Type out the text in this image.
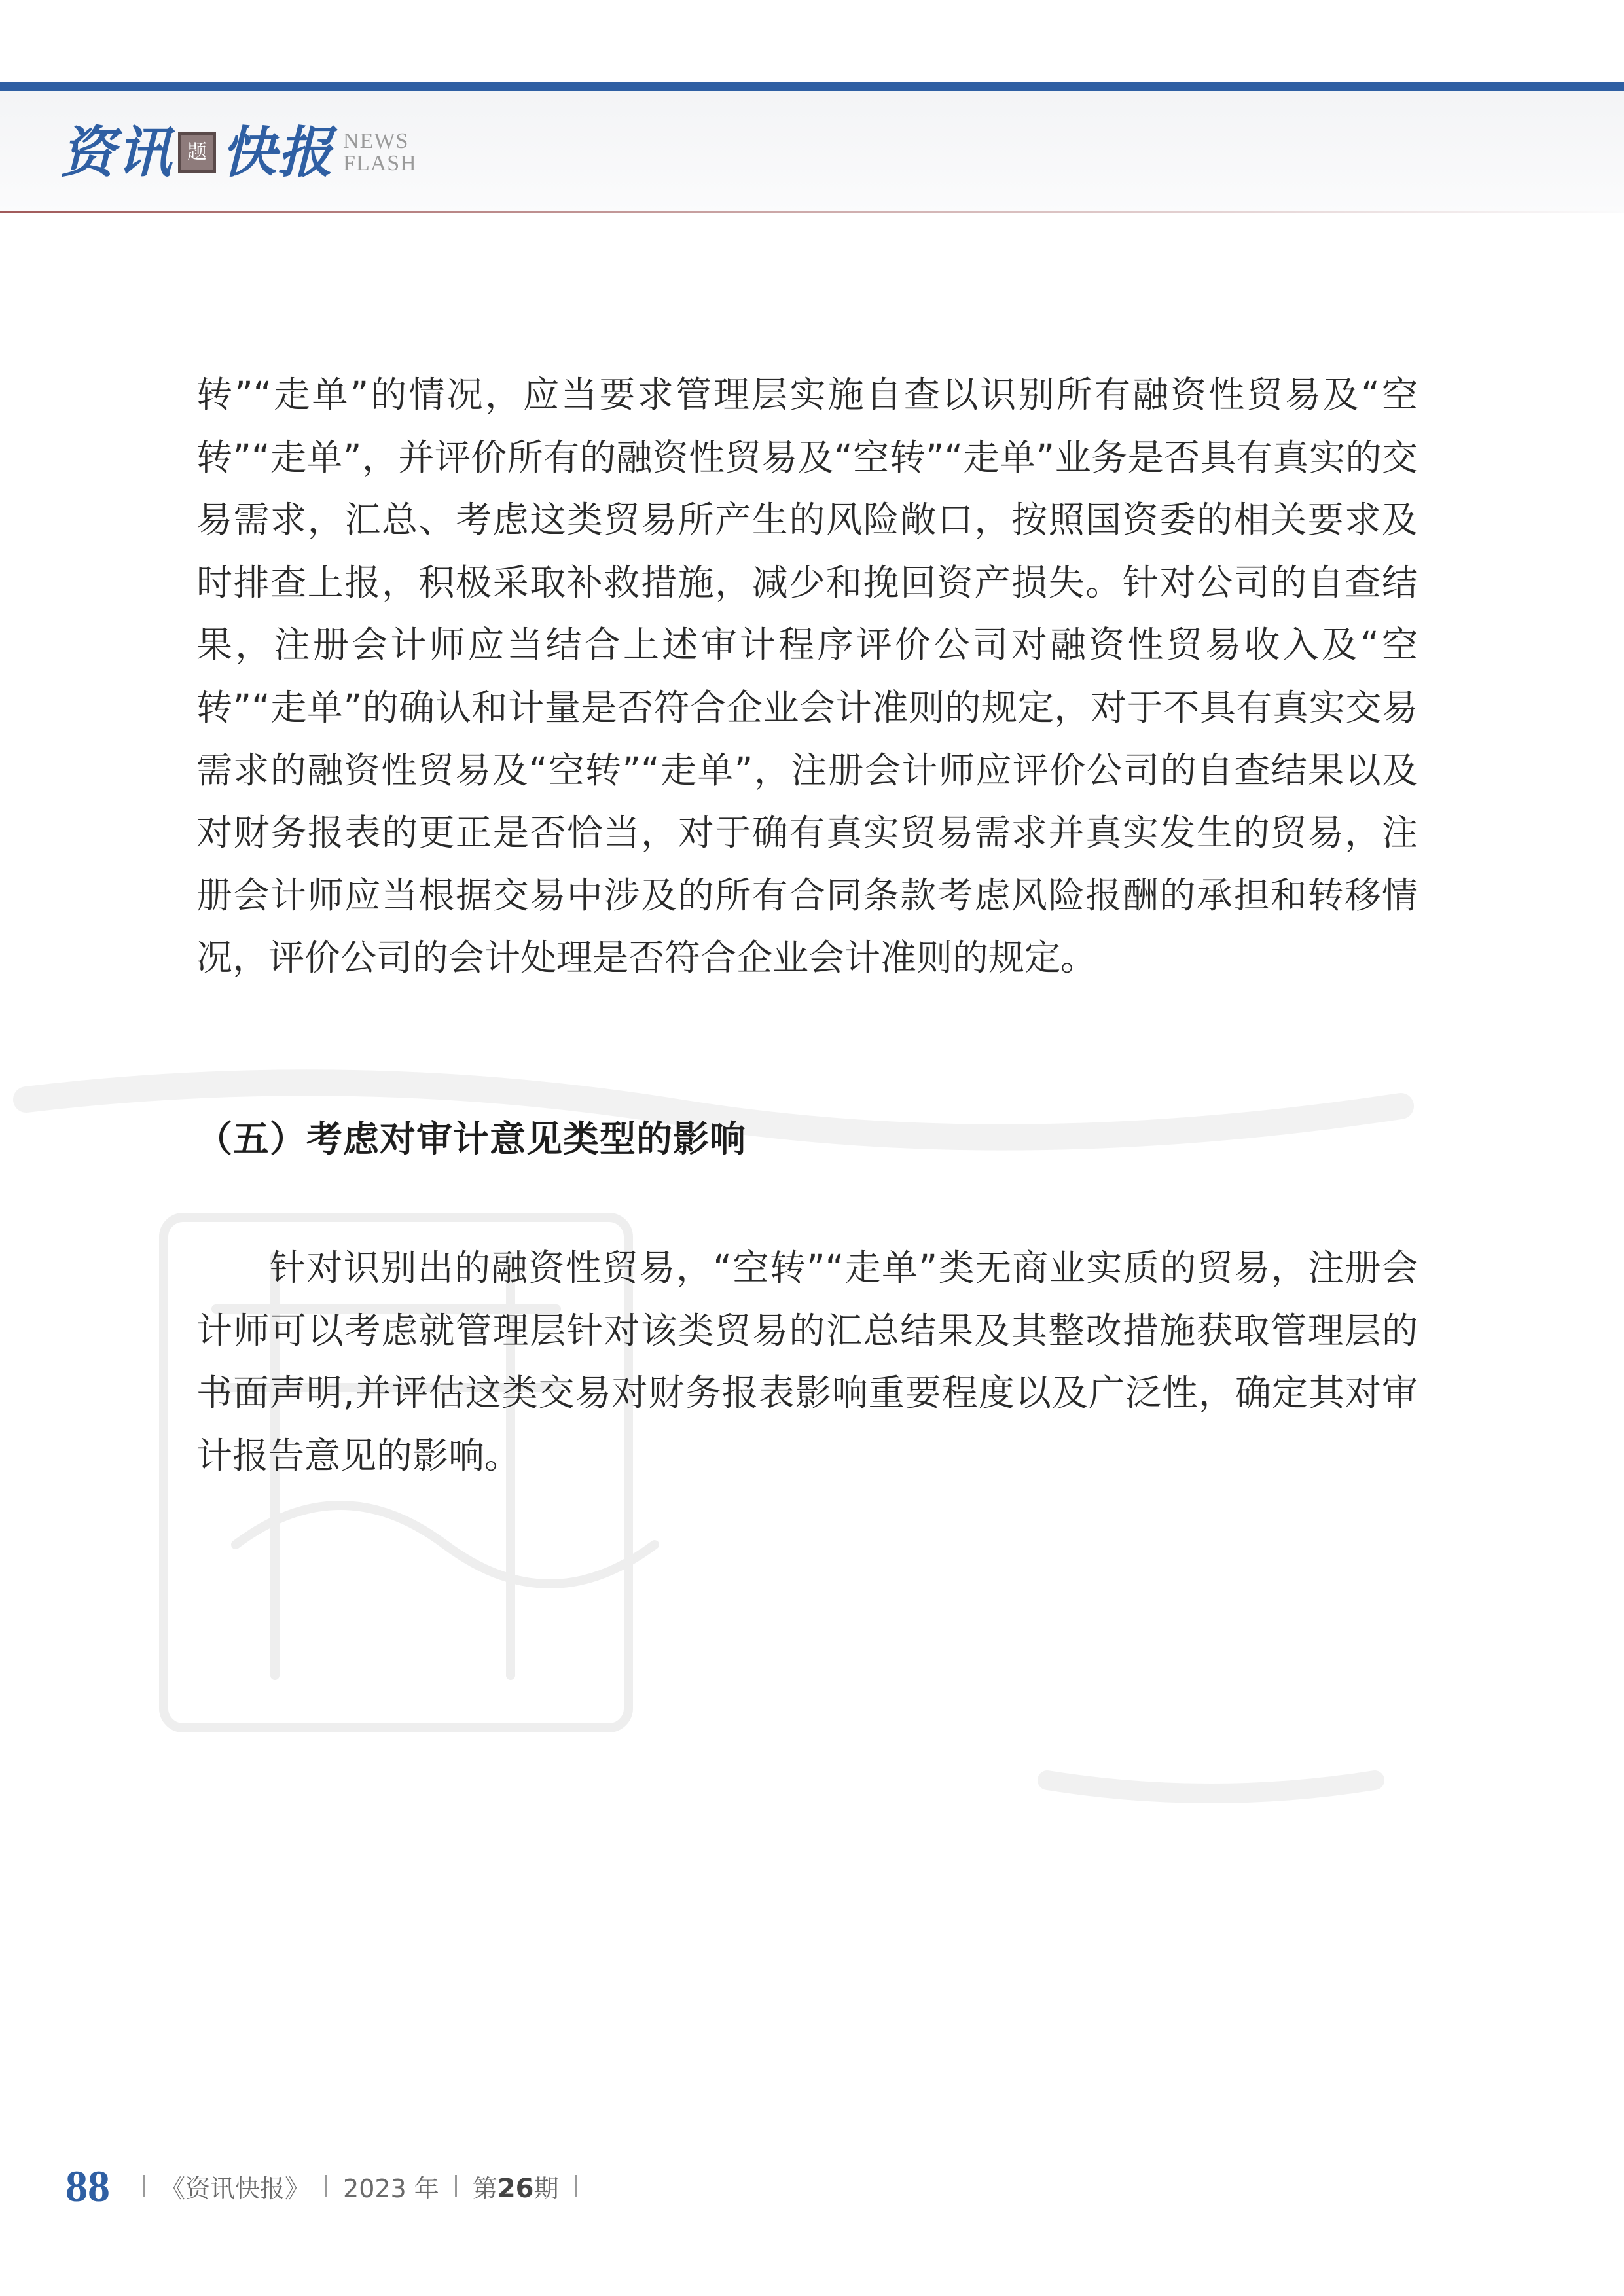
资讯 题 快报 NEWS
FLASH

转”“走单”的情况，应当要求管理层实施自查以识别所有融资性贸易及“空转”“走单”，并评价所有的融资性贸易及“空转”“走单”业务是否具有真实的交易需求，汇总、考虑这类贸易所产生的风险敞口，按照国资委的相关要求及时排查上报，积极采取补救措施，减少和挽回资产损失。针对公司的自查结果，注册会计师应当结合上述审计程序评价公司对融资性贸易收入及“空转”“走单”的确认和计量是否符合企业会计准则的规定，对于不具有真实交易需求的融资性贸易及“空转”“走单”，注册会计师应评价公司的自查结果以及对财务报表的更正是否恰当，对于确有真实贸易需求并真实发生的贸易，注册会计师应当根据交易中涉及的所有合同条款考虑风险报酬的承担和转移情况，评价公司的会计处理是否符合企业会计准则的规定。

（五）考虑对审计意见类型的影响

针对识别出的融资性贸易，“空转”“走单”类无商业实质的贸易，注册会计师可以考虑就管理层针对该类贸易的汇总结果及其整改措施获取管理层的书面声明,并评估这类交易对财务报表影响重要程度以及广泛性，确定其对审计报告意见的影响。

88 《资讯快报》 2023 年 第26期
